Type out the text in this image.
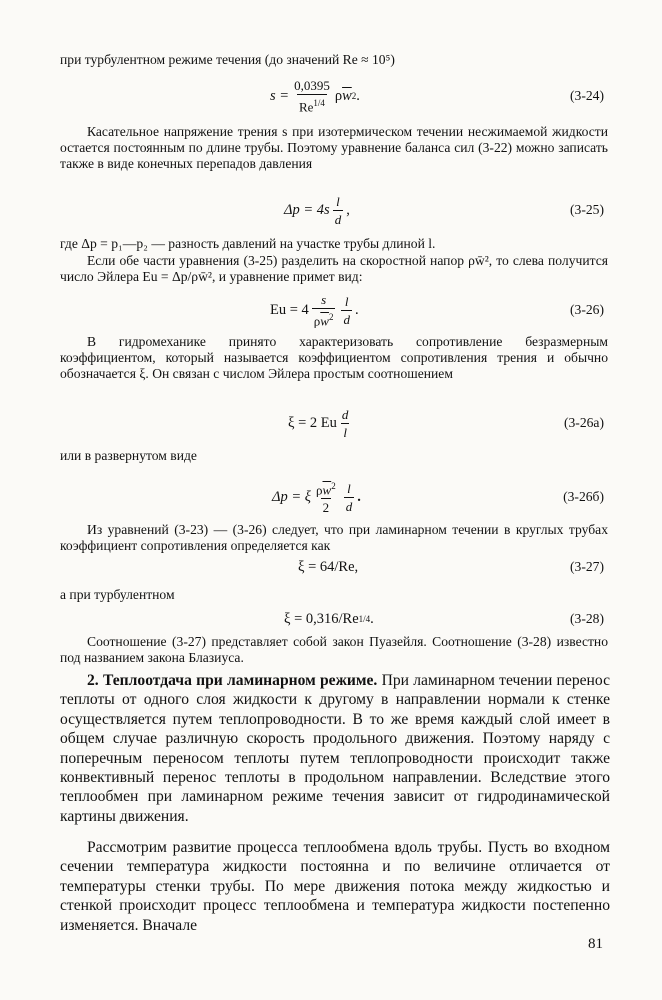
при турбулентном режиме течения (до значений Re ≈ 10⁵)
$s = \frac{0,0395}{Re^{1/4}}$ ρ $\overline{w}$ 2 .	(3-24)
Касательное напряжение трения s при изотермическом течении несжимаемой жидкости остается постоянным по длине трубы. Поэтому уравнение баланса сил (3-22) можно записать также в виде конечных перепадов давления
$\Delta p = 4s \frac{l}{d}$ ,	(3-25)
где Δp = p₁—p₂ — разность давлений на участке трубы длиной l.
Если обе части уравнения (3-25) разделить на скоростной напор ρw̄², то слева получится число Эйлера Eu = Δp/ρw̄², и уравнение примет вид:
$Eu = 4 \frac{s}{\rho\overline{w}^2} \frac{l}{d}$ .	(3-26)
В гидромеханике принято характеризовать сопротивление безразмерным коэффициентом, который называется коэффициентом сопротивления трения и обычно обозначается ξ. Он связан с числом Эйлера простым соотношением
ξ = 2 Eu $\frac{d}{l}$	(3-26а)
или в развернутом виде
Δp = ξ $\frac{\rho\overline{w}^2}{2} \frac{l}{d}$ .	(3-26б)
Из уравнений (3-23) — (3-26) следует, что при ламинарном течении в круглых трубах коэффициент сопротивления определяется как
ξ = 64/Re,	(3-27)
а при турбулентном
ξ = 0,316/Re 1/4 .	(3-28)
Соотношение (3-27) представляет собой закон Пуазейля. Соотношение (3-28) известно под названием закона Блазиуса.
2. Теплоотдача при ламинарном режиме. При ламинарном течении перенос теплоты от одного слоя жидкости к другому в направлении нормали к стенке осуществляется путем теплопроводности. В то же время каждый слой имеет в общем случае различную скорость продольного движения. Поэтому наряду с поперечным переносом теплоты путем теплопроводности происходит также конвективный перенос теплоты в продольном направлении. Вследствие этого теплообмен при ламинарном режиме течения зависит от гидродинамической картины движения.
Рассмотрим развитие процесса теплообмена вдоль трубы. Пусть во входном сечении температура жидкости постоянна и по величине отличается от температуры стенки трубы. По мере движения потока между жидкостью и стенкой происходит процесс теплообмена и температура жидкости постепенно изменяется. Вначале
81
